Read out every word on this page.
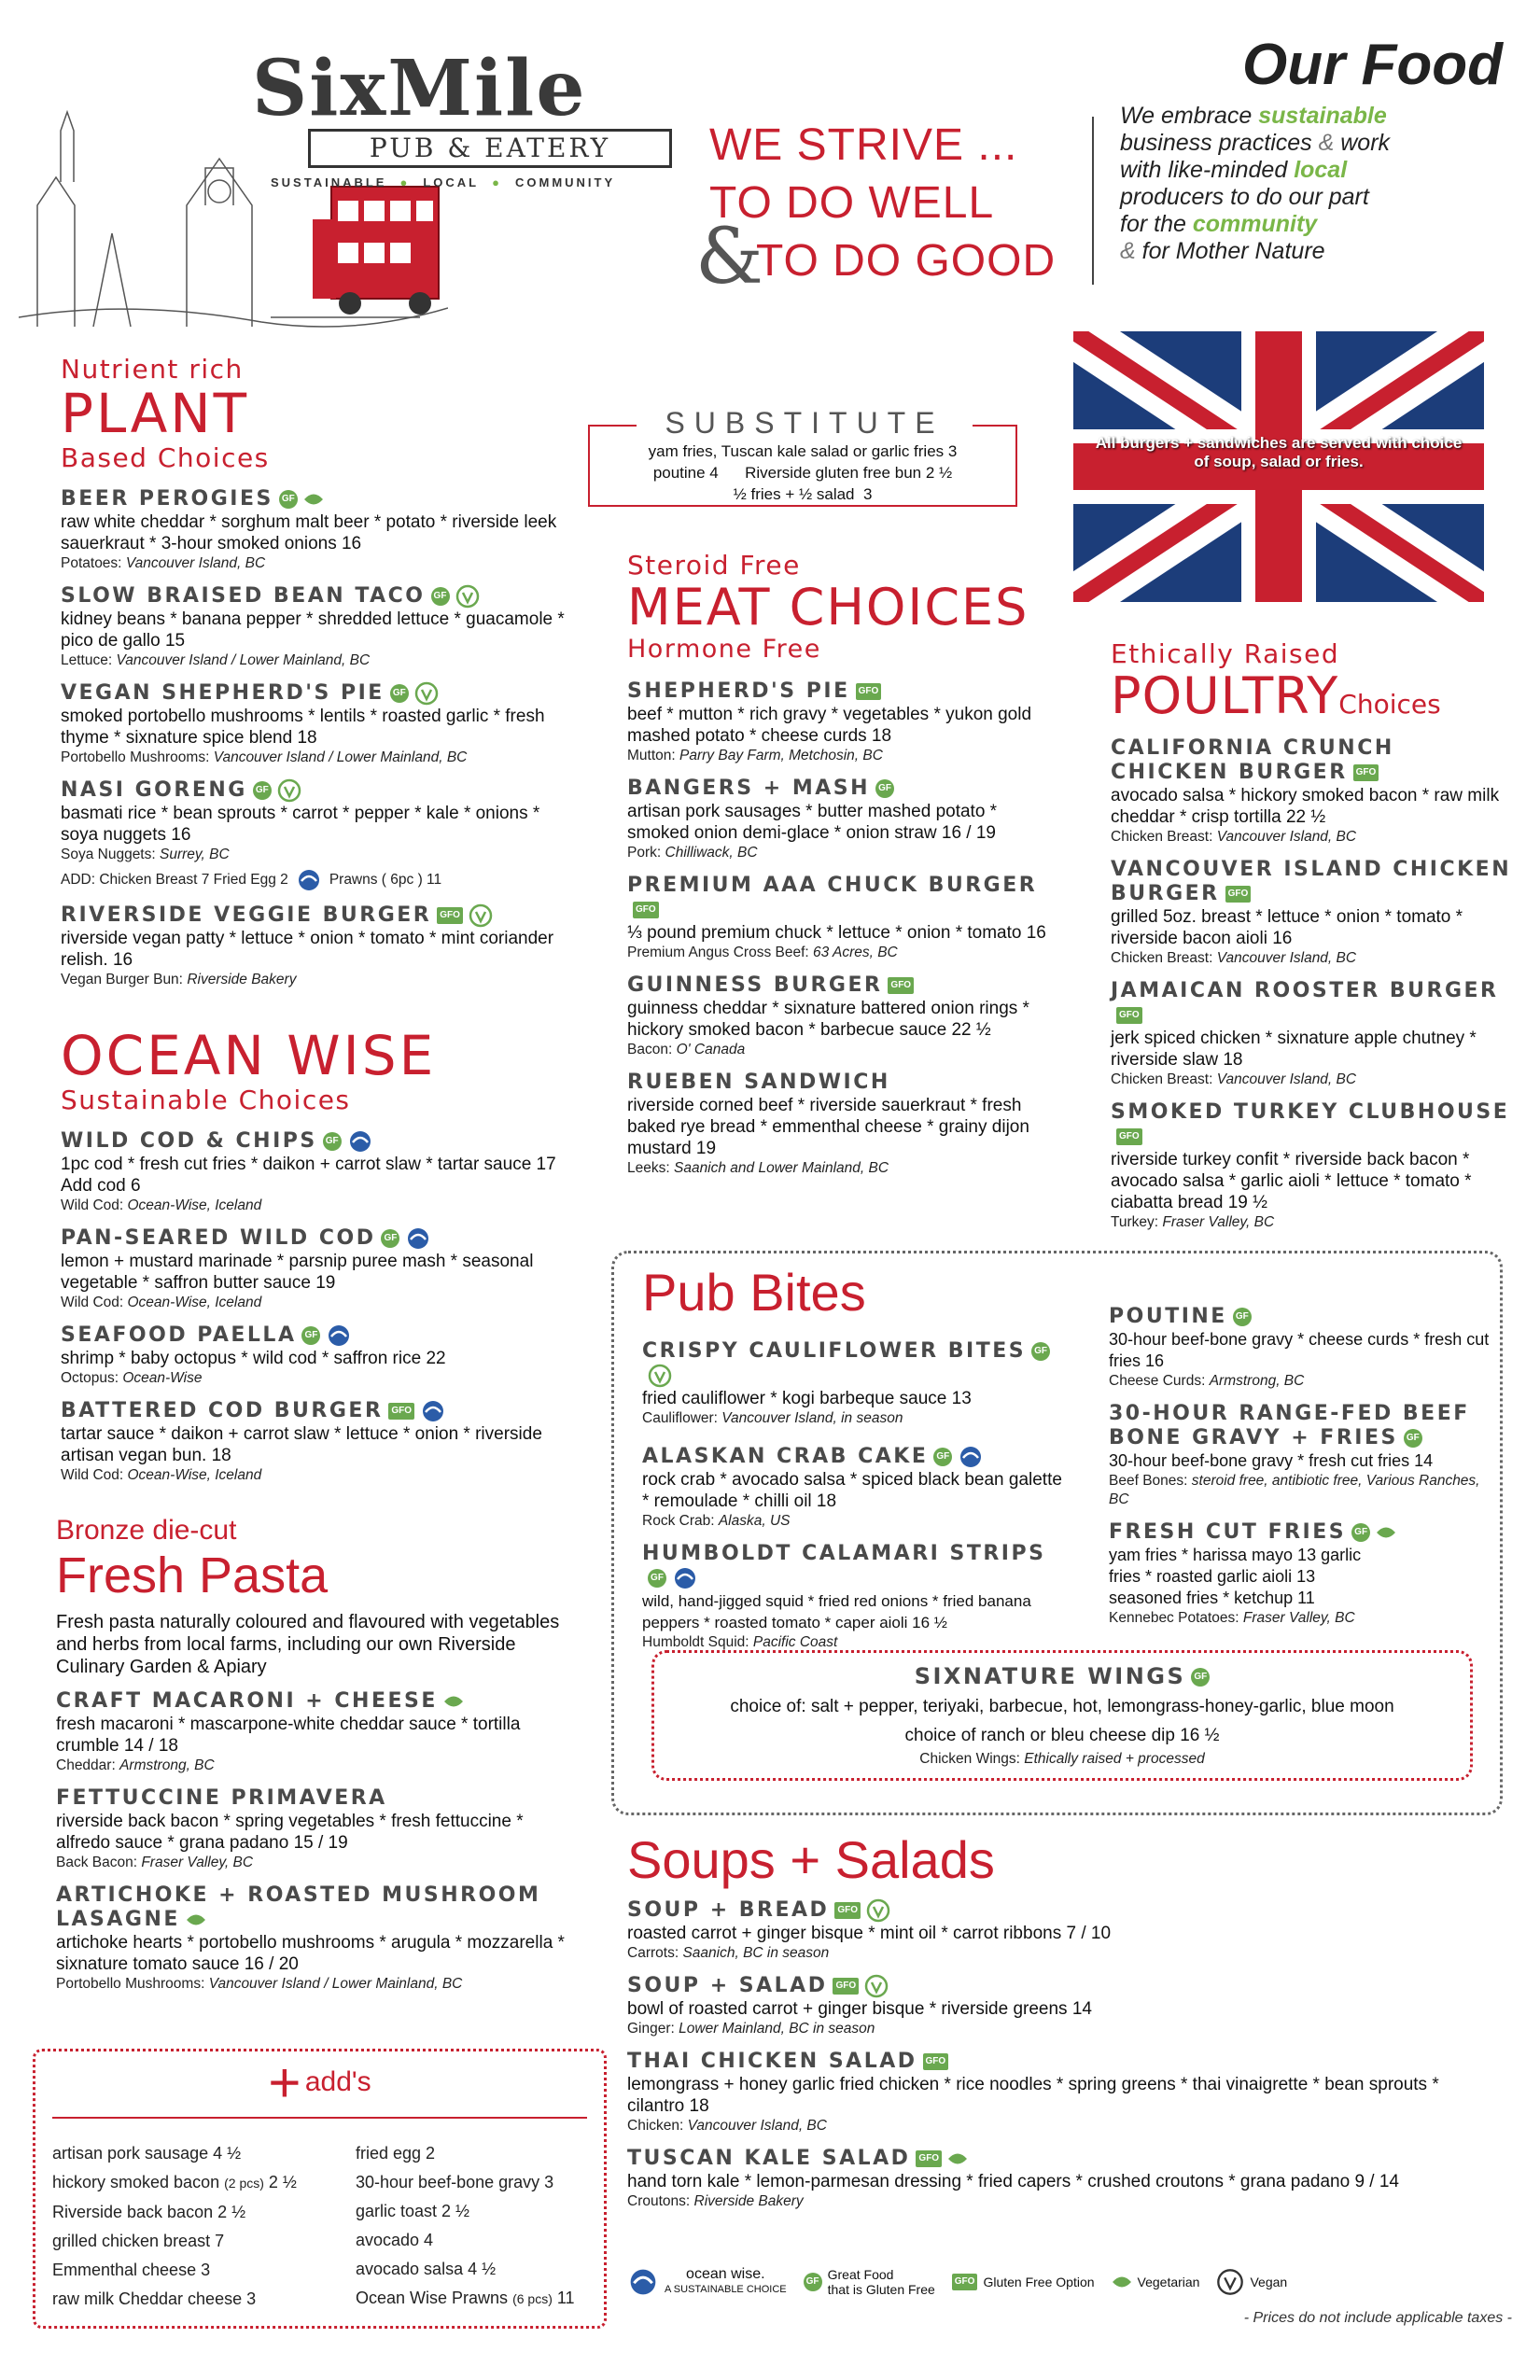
SixMile
PUB & EATERY
SUSTAINABLE ● LOCAL ● COMMUNITY
WE STRIVE ...
TO DO WELL
&
TO DO GOOD
Our Food
We embrace sustainable
business practices & work
with like-minded local
producers to do our part
for the community
& for Mother Nature
All burgers + sandwiches are served with choice of soup, salad or fries.
SUBSTITUTE
yam fries, Tuscan kale salad or garlic fries 3
poutine 4      Riverside gluten free bun 2 ½
½ fries + ½ salad  3
Nutrient rich
PLANT
Based Choices
BEER PEROGIES GF
raw white cheddar * sorghum malt beer * potato * riverside leek sauerkraut * 3-hour smoked onions 16
Potatoes: Vancouver Island, BC
SLOW BRAISED BEAN TACO GF
kidney beans * banana pepper * shredded lettuce * guacamole * pico de gallo 15
Lettuce: Vancouver Island / Lower Mainland, BC
VEGAN SHEPHERD'S PIE GF
smoked portobello mushrooms * lentils * roasted garlic * fresh thyme * sixnature spice blend 18
Portobello Mushrooms: Vancouver Island / Lower Mainland, BC
NASI GORENG GF
basmati rice * bean sprouts * carrot * pepper * kale * onions * soya nuggets 16
Soya Nuggets: Surrey, BC
ADD: Chicken Breast 7 Fried Egg 2	Prawns ( 6pc ) 11
RIVERSIDE VEGGIE BURGER GFO
riverside vegan patty * lettuce * onion * tomato * mint coriander relish. 16
Vegan Burger Bun: Riverside Bakery
OCEAN WISE
Sustainable Choices
WILD COD & CHIPS GF
1pc cod * fresh cut fries * daikon + carrot slaw * tartar sauce 17 Add cod 6
Wild Cod: Ocean-Wise, Iceland
PAN-SEARED WILD COD GF
lemon + mustard marinade * parsnip puree mash * seasonal vegetable * saffron butter sauce 19
Wild Cod: Ocean-Wise, Iceland
SEAFOOD PAELLA GF
shrimp * baby octopus * wild cod * saffron rice 22
Octopus: Ocean-Wise
BATTERED COD BURGER GFO
tartar sauce * daikon + carrot slaw * lettuce * onion * riverside artisan vegan bun. 18
Wild Cod: Ocean-Wise, Iceland
Bronze die-cut
Fresh Pasta
Fresh pasta naturally coloured and flavoured with vegetables and herbs from local farms, including our own Riverside Culinary Garden & Apiary
CRAFT MACARONI + CHEESE
fresh macaroni * mascarpone-white cheddar sauce * tortilla crumble 14 / 18
Cheddar: Armstrong, BC
FETTUCCINE PRIMAVERA
riverside back bacon * spring vegetables * fresh fettuccine * alfredo sauce * grana padano 15 / 19
Back Bacon: Fraser Valley, BC
ARTICHOKE + ROASTED MUSHROOM LASAGNE
artichoke hearts * portobello mushrooms * arugula * mozzarella * sixnature tomato sauce 16 / 20
Portobello Mushrooms: Vancouver Island / Lower Mainland, BC
+ add's
artisan pork sausage 4 ½
hickory smoked bacon (2 pcs) 2 ½
Riverside back bacon 2 ½
grilled chicken breast 7
Emmenthal cheese 3
raw milk Cheddar cheese 3
fried egg 2
30-hour beef-bone gravy 3
garlic toast 2 ½
avocado 4
avocado salsa 4 ½
Ocean Wise Prawns (6 pcs) 11
Steroid Free
MEAT CHOICES
Hormone Free
SHEPHERD'S PIE GFO
beef * mutton * rich gravy * vegetables * yukon gold mashed potato * cheese curds 18
Mutton: Parry Bay Farm, Metchosin, BC
BANGERS + MASH GF
artisan pork sausages * butter mashed potato * smoked onion demi-glace * onion straw 16 / 19
Pork: Chilliwack, BC
PREMIUM AAA CHUCK BURGERGFO
⅓ pound premium chuck * lettuce * onion * tomato 16
Premium Angus Cross Beef: 63 Acres, BC
GUINNESS BURGER GFO
guinness cheddar * sixnature battered onion rings * hickory smoked bacon * barbecue sauce 22 ½
Bacon: O' Canada
RUEBEN SANDWICH
riverside corned beef * riverside sauerkraut * fresh baked rye bread * emmenthal cheese * grainy dijon mustard 19
Leeks: Saanich and Lower Mainland, BC
Ethically Raised
POULTRYChoices
CALIFORNIA CRUNCH CHICKEN BURGER GFO
avocado salsa * hickory smoked bacon * raw milk cheddar * crisp tortilla 22 ½
Chicken Breast: Vancouver Island, BC
VANCOUVER ISLAND CHICKEN BURGER GFO
grilled 5oz. breast * lettuce * onion * tomato * riverside bacon aioli 16
Chicken Breast: Vancouver Island, BC
JAMAICAN ROOSTER BURGERGFO
jerk spiced chicken * sixnature apple chutney * riverside slaw 18
Chicken Breast: Vancouver Island, BC
SMOKED TURKEY CLUBHOUSEGFO
riverside turkey confit * riverside back bacon * avocado salsa * garlic aioli * lettuce * tomato * ciabatta bread 19 ½
Turkey: Fraser Valley, BC
Pub Bites
CRISPY CAULIFLOWER BITES GF
fried cauliflower * kogi barbeque sauce 13
Cauliflower: Vancouver Island, in season
ALASKAN CRAB CAKE GF
rock crab * avocado salsa * spiced black bean galette * remoulade * chilli oil 18
Rock Crab: Alaska, US
HUMBOLDT CALAMARI STRIPSGF
wild, hand-jigged squid * fried red onions * fried banana peppers * roasted tomato * caper aioli 16 ½
Humboldt Squid: Pacific Coast
POUTINE GF
30-hour beef-bone gravy * cheese curds * fresh cut fries 16
Cheese Curds: Armstrong, BC
30-HOUR RANGE-FED BEEF BONE GRAVY + FRIES GF
30-hour beef-bone gravy * fresh cut fries 14
Beef Bones: steroid free, antibiotic free, Various Ranches, BC
FRESH CUT FRIES GF
yam fries * harissa mayo 13 garlic fries * roasted garlic aioli 13 seasoned fries * ketchup 11
Kennebec Potatoes: Fraser Valley, BC
SIXNATURE WINGS GF
choice of: salt + pepper, teriyaki, barbecue, hot, lemongrass-honey-garlic, blue moon
choice of ranch or bleu cheese dip 16 ½
Chicken Wings: Ethically raised + processed
Soups + Salads
SOUP + BREAD GFO
roasted carrot + ginger bisque * mint oil * carrot ribbons 7 / 10
Carrots: Saanich, BC in season
SOUP + SALAD GFO
bowl of roasted carrot + ginger bisque * riverside greens 14
Ginger: Lower Mainland, BC in season
THAI CHICKEN SALAD GFO
lemongrass + honey garlic fried chicken * rice noodles * spring greens * thai vinaigrette * bean sprouts * cilantro 18
Chicken: Vancouver Island, BC
TUSCAN KALE SALAD GFO
hand torn kale * lemon-parmesan dressing * fried capers * crushed croutons * grana padano 9 / 14
Croutons: Riverside Bakery
ocean wise.
A SUSTAINABLE CHOICE
GF Great Food
that is Gluten Free
GFO Gluten Free Option	Vegetarian	Vegan
- Prices do not include applicable taxes -
